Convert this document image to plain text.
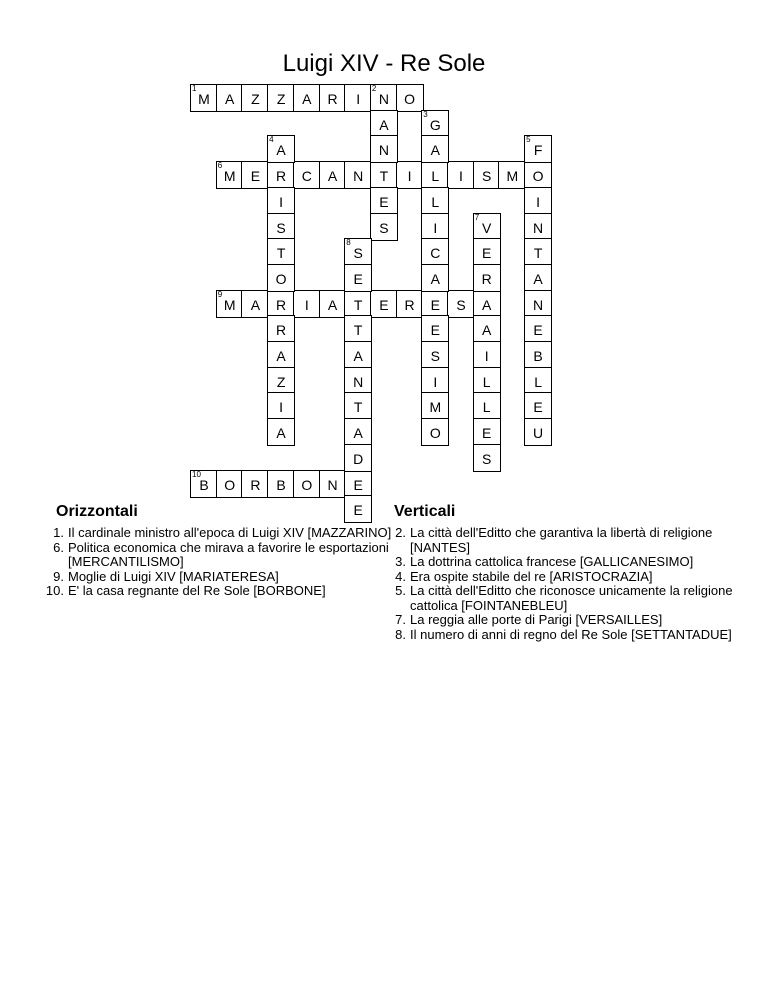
Luigi XIV - Re Sole
M
1
A	Z	Z	A	R	I	N
2
O
M
6
E	R	C	A	N	T	I	L	I	S	M	O
M
9
A	R	I	A	T	E	R	E	S	A
B
10
O	R	B	O	N	E
A
N
E
S
G
3
A
L
I
C
A
E
S
I
M
O
A
4
I
S
T
O
R
A
Z
I
A
F
5
I
N
T
A
N
E
B
L
E
U
V
7
E
R
A
I
L
L
E
S
S
8
E
T
A
N
T
A
D
E
Orizzontali	Verticali
1. Il cardinale ministro all'epoca di Luigi XIV [MAZZARINO]
6. Politica economica che mirava a favorire le esportazioni [MERCANTILISMO]
9. Moglie di Luigi XIV [MARIATERESA]
10. E' la casa regnante del Re Sole [BORBONE]
2. La città dell'Editto che garantiva la libertà di religione [NANTES]
3. La dottrina cattolica francese [GALLICANESIMO]
4. Era ospite stabile del re [ARISTOCRAZIA]
5. La città dell'Editto che riconosce unicamente la religione cattolica [FOINTANEBLEU]
7. La reggia alle porte di Parigi [VERSAILLES]
8. Il numero di anni di regno del Re Sole [SETTANTADUE]
